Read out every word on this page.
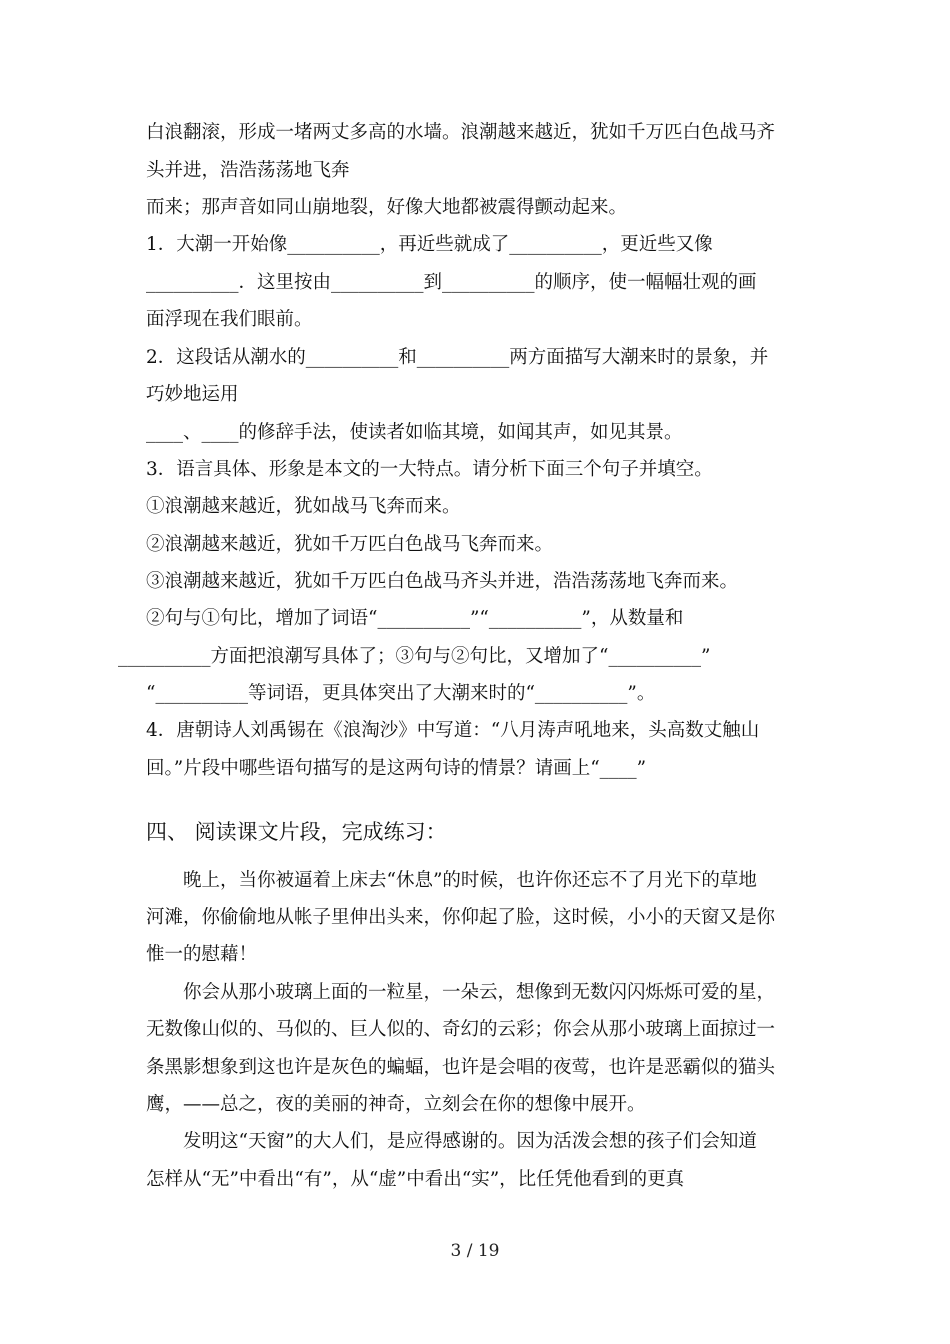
白浪翻滚，形成一堵两丈多高的水墙。浪潮越来越近，犹如千万匹白色战马齐
头并进，浩浩荡荡地飞奔
而来；那声音如同山崩地裂，好像大地都被震得颤动起来。
1．大潮一开始像__________，再近些就成了__________，更近些又像
__________．这里按由__________到__________的顺序，使一幅幅壮观的画
面浮现在我们眼前。
2．这段话从潮水的__________和__________两方面描写大潮来时的景象，并
巧妙地运用
____、____的修辞手法，使读者如临其境，如闻其声，如见其景。
3．语言具体、形象是本文的一大特点。请分析下面三个句子并填空。
①浪潮越来越近，犹如战马飞奔而来。
②浪潮越来越近，犹如千万匹白色战马飞奔而来。
③浪潮越来越近，犹如千万匹白色战马齐头并进，浩浩荡荡地飞奔而来。
②句与①句比，增加了词语“__________”“__________”，从数量和
__________方面把浪潮写具体了；③句与②句比，又增加了“__________”
“__________等词语，更具体突出了大潮来时的“__________”。
4．唐朝诗人刘禹锡在《浪淘沙》中写道：“八月涛声吼地来，头高数丈触山
回。”片段中哪些语句描写的是这两句诗的情景？请画上“____”
四、 阅读课文片段，完成练习：
　　晚上，当你被逼着上床去“休息”的时候，也许你还忘不了月光下的草地
河滩，你偷偷地从帐子里伸出头来，你仰起了脸，这时候，小小的天窗又是你
惟一的慰藉！
　　你会从那小玻璃上面的一粒星，一朵云，想像到无数闪闪烁烁可爱的星，
无数像山似的、马似的、巨人似的、奇幻的云彩；你会从那小玻璃上面掠过一
条黑影想象到这也许是灰色的蝙蝠，也许是会唱的夜莺，也许是恶霸似的猫头
鹰，——总之，夜的美丽的神奇，立刻会在你的想像中展开。
　　发明这“天窗”的大人们，是应得感谢的。因为活泼会想的孩子们会知道
怎样从“无”中看出“有”，从“虚”中看出“实”，比任凭他看到的更真
3 / 19
